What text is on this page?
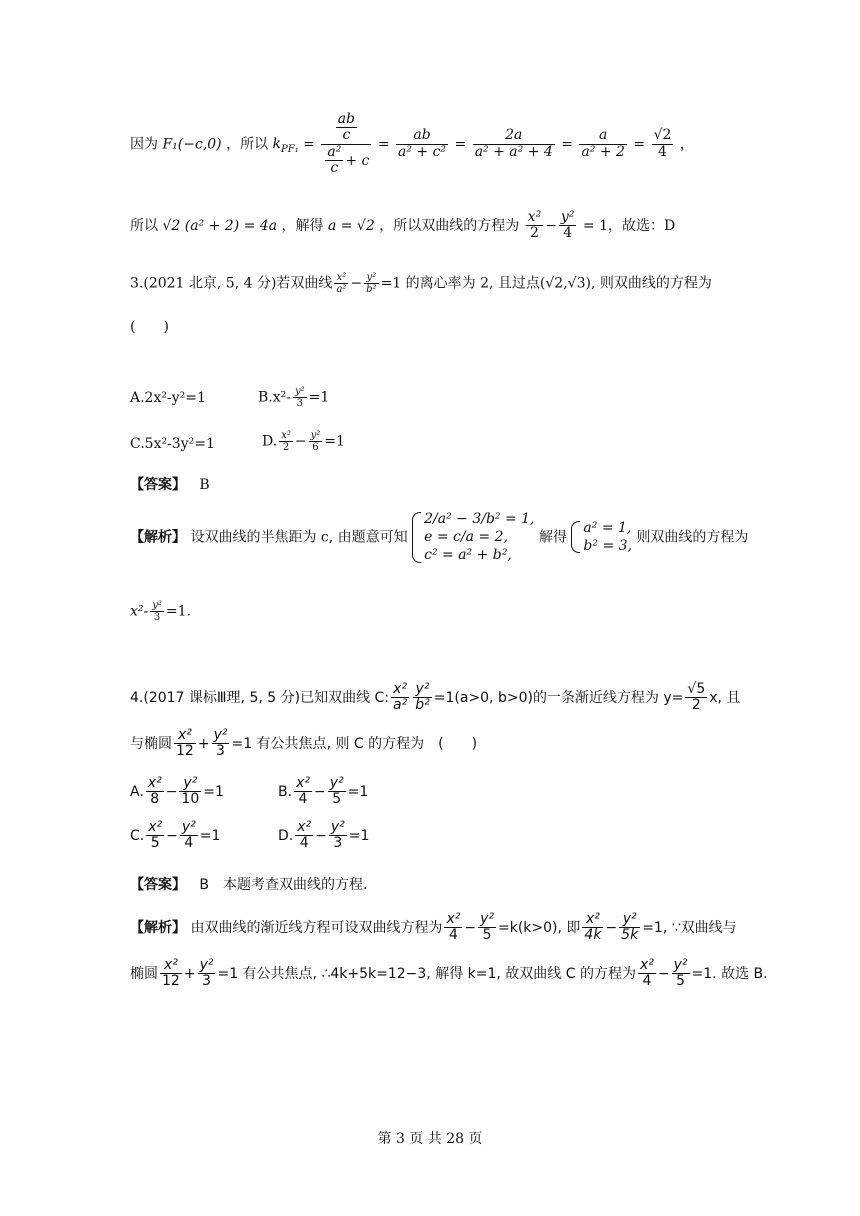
因为 F₁(−c,0) ，所以 $k_{PF_1} = \frac{\frac{ab}{c}}{\frac{\text{a²}}{c} + c} = \frac{ab}{\text{a² + c²}} = \frac{2a}{\text{a² + a² + 4}} = \frac{a}{\text{a² + 2}} = \frac{√2}{4}$ ，
所以 √2 (a² + 2) = 4a ，解得 a = √2 ，所以双曲线的方程为 $\frac{\text{x²}}{2} - \frac{\text{y²}}{4} = 1$，故选：D
3.(2021 北京, 5, 4 分)若双曲线 $\frac{\text{x²}}{\text{a²}} - \frac{\text{y²}}{\text{b²}} =1$ 的离心率为 2, 且过点(√2,√3), 则双曲线的方程为
(　　)
A.2x²-y²=1	$B.x^2- \frac{\text{y²}}{3} =1$
C.5x²-3y²=1	D. $\frac{\text{x²}}{2} - \frac{\text{y²}}{6} =1$
【答案】 B
【解析】 设双曲线的半焦距为 c, 由题意可知
2/a² − 3/b² = 1,
e = c/a = 2,
c² = a² + b²,
解得
a² = 1,
b² = 3,
则双曲线的方程为
$x^2- \frac{\text{y²}}{3} =1$.
4.(2017 课标Ⅲ理, 5, 5 分)已知双曲线 C: $\frac{\text{x²}}{\text{a²}} \frac{\text{y²}}{\text{b²}} =1(a>0$, b>0)的一条渐近线方程为 $y= \frac{√5}{2} x$, 且
与椭圆 $\frac{\text{x²}}{12} + \frac{\text{y²}}{3} =1$ 有公共焦点, 则 C 的方程为　(　　)
A. $\frac{\text{x²}}{8} - \frac{\text{y²}}{10} =1$	B. $\frac{\text{x²}}{4} - \frac{\text{y²}}{5} =1$
C. $\frac{\text{x²}}{5} - \frac{\text{y²}}{4} =1$	D. $\frac{\text{x²}}{4} - \frac{\text{y²}}{3} =1$
【答案】 B　本题考查双曲线的方程.
【解析】 由双曲线的渐近线方程可设双曲线方程为 $\frac{\text{x²}}{4} - \frac{\text{y²}}{5} =k(k>0)$, 即 $\frac{\text{x²}}{4k} - \frac{\text{y²}}{5k} =1$, ∵双曲线与
椭圆 $\frac{\text{x²}}{12} + \frac{\text{y²}}{3} =1$ 有公共焦点, ∴4k+5k=12−3, 解得 k=1, 故双曲线 C 的方程为 $\frac{\text{x²}}{4} - \frac{\text{y²}}{5} =1$. 故选 B.
第 3 页 共 28 页
